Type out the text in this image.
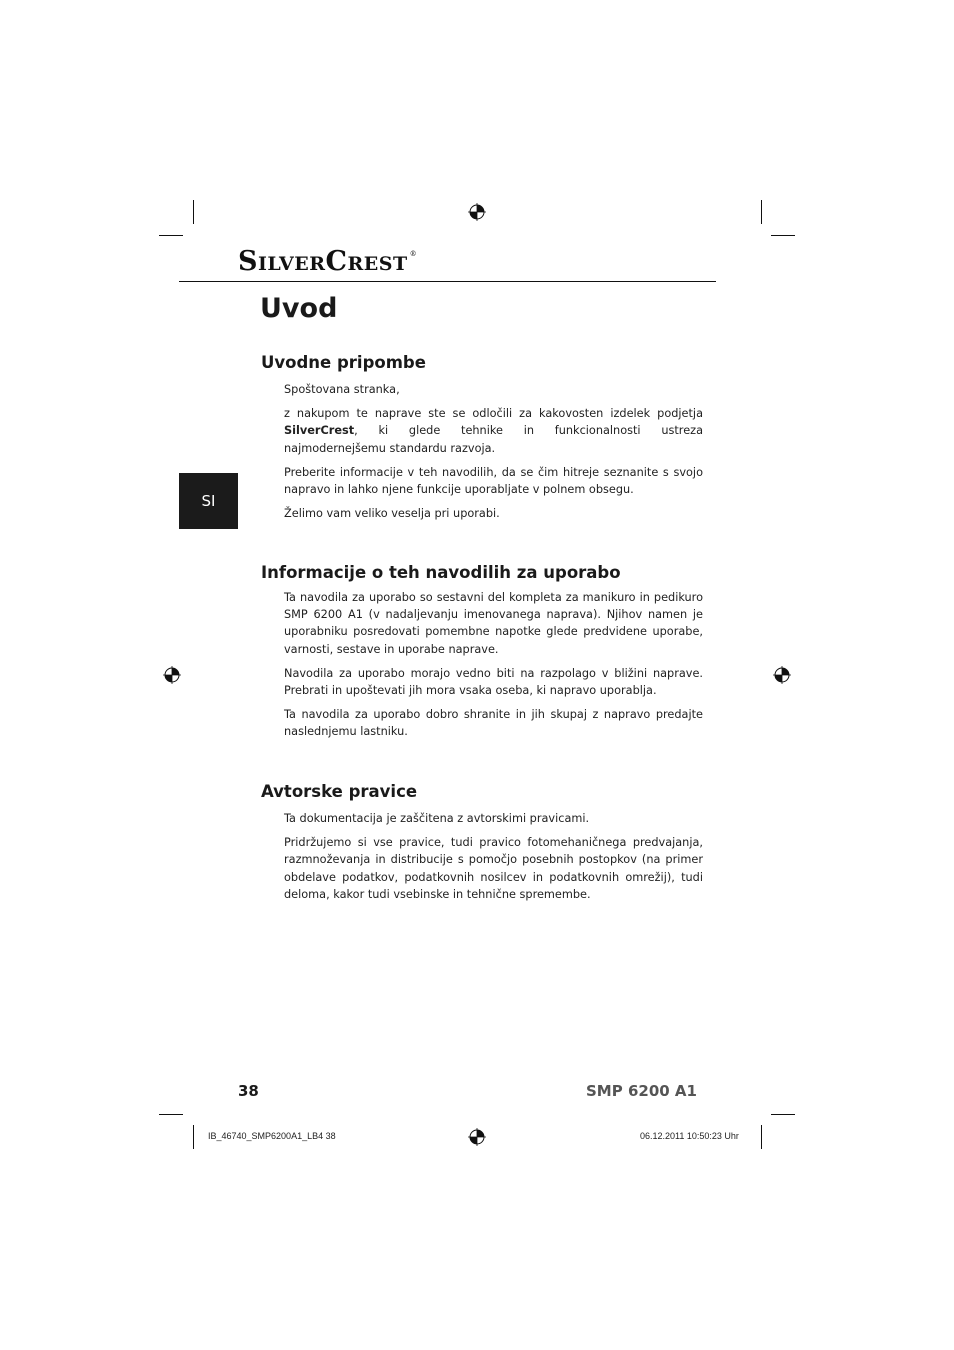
SILVERCREST ®
Uvod
Uvodne pripombe

Spoštovana stranka,

z nakupom te naprave ste se odločili za kakovosten izdelek podjetja SilverCrest, ki glede tehnike in funkcionalnosti ustreza najmodernejšemu standardu razvoja.

Preberite informacije v teh navodilih, da se čim hitreje seznanite s svojo napravo in lahko njene funkcije uporabljate v polnem obsegu.

Želimo vam veliko veselja pri uporabi.

SI
Informacije o teh navodilih za uporabo

Ta navodila za uporabo so sestavni del kompleta za manikuro in pedikuro SMP 6200 A1 (v nadaljevanju imenovanega naprava). Njihov namen je uporabniku posredovati pomembne napotke glede predvidene uporabe, varnosti, sestave in uporabe naprave.

Navodila za uporabo morajo vedno biti na razpolago v bližini naprave. Prebrati in upoštevati jih mora vsaka oseba, ki napravo uporablja.

Ta navodila za uporabo dobro shranite in jih skupaj z napravo predajte naslednjemu lastniku.

Avtorske pravice

Ta dokumentacija je zaščitena z avtorskimi pravicami.

Pridržujemo si vse pravice, tudi pravico fotomehaničnega predvajanja, razmnoževanja in distribucije s pomočjo posebnih postopkov (na primer obdelave podatkov, podatkovnih nosilcev in podatkovnih omrežij), tudi deloma, kakor tudi vsebinske in tehnične spremembe.

38	SMP 6200 A1
IB_46740_SMP6200A1_LB4 38	06.12.2011 10:50:23 Uhr
